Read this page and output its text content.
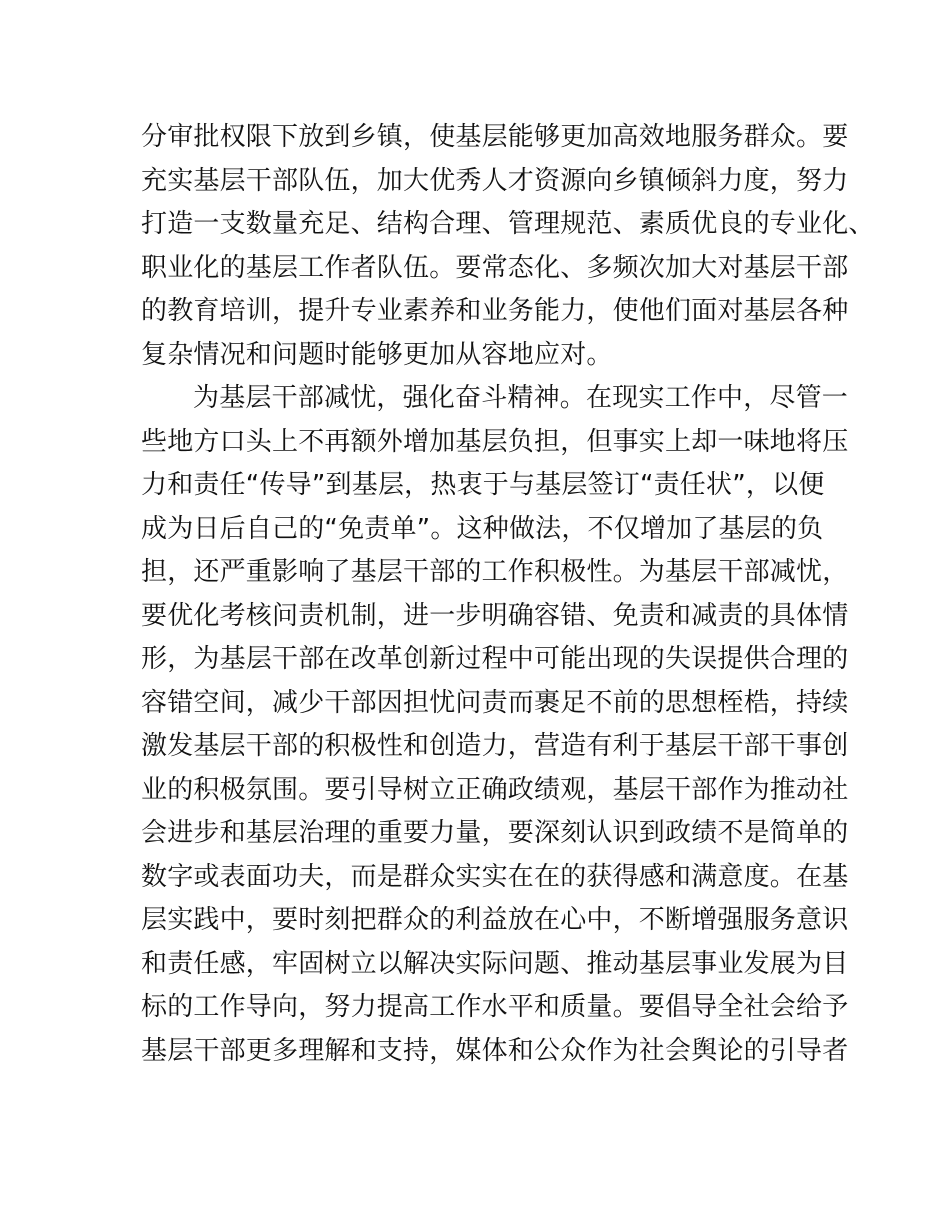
分审批权限下放到乡镇，使基层能够更加高效地服务群众。要
充实基层干部队伍，加大优秀人才资源向乡镇倾斜力度，努力
打造一支数量充足、结构合理、管理规范、素质优良的专业化、
职业化的基层工作者队伍。要常态化、多频次加大对基层干部
的教育培训，提升专业素养和业务能力，使他们面对基层各种
复杂情况和问题时能够更加从容地应对。
为基层干部减忧，强化奋斗精神。在现实工作中，尽管一
些地方口头上不再额外增加基层负担，但事实上却一味地将压
力和责任“传导”到基层，热衷于与基层签订“责任状”，以便
成为日后自己的“免责单”。这种做法，不仅增加了基层的负
担，还严重影响了基层干部的工作积极性。为基层干部减忧，
要优化考核问责机制，进一步明确容错、免责和减责的具体情
形，为基层干部在改革创新过程中可能出现的失误提供合理的
容错空间，减少干部因担忧问责而裹足不前的思想桎梏，持续
激发基层干部的积极性和创造力，营造有利于基层干部干事创
业的积极氛围。要引导树立正确政绩观，基层干部作为推动社
会进步和基层治理的重要力量，要深刻认识到政绩不是简单的
数字或表面功夫，而是群众实实在在的获得感和满意度。在基
层实践中，要时刻把群众的利益放在心中，不断增强服务意识
和责任感，牢固树立以解决实际问题、推动基层事业发展为目
标的工作导向，努力提高工作水平和质量。要倡导全社会给予
基层干部更多理解和支持，媒体和公众作为社会舆论的引导者
